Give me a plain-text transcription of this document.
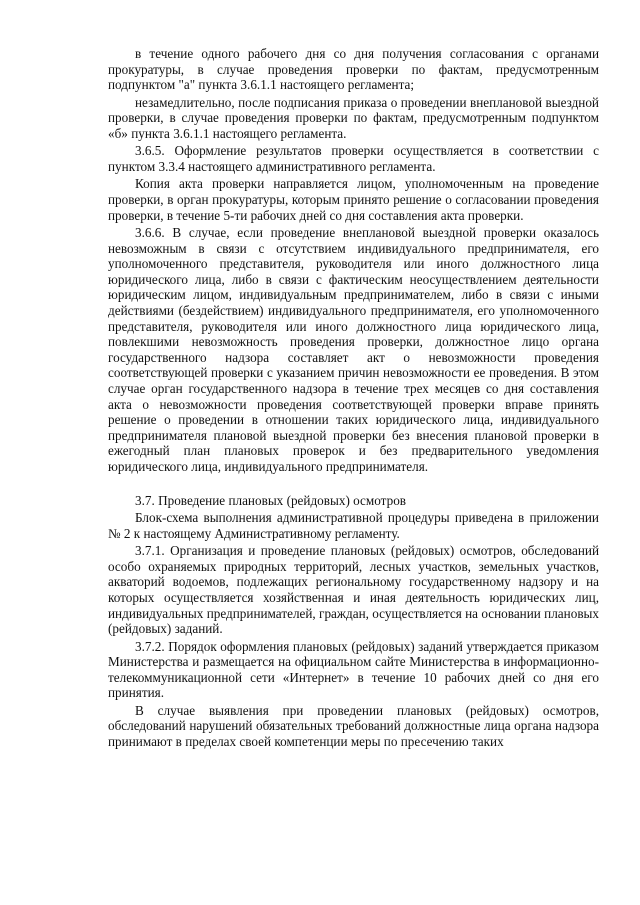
в течение одного рабочего дня со дня получения согласования с органами прокуратуры, в случае проведения проверки по фактам, предусмотренным подпунктом "а" пункта 3.6.1.1 настоящего регламента;

незамедлительно, после подписания приказа о проведении внеплановой выездной проверки, в случае проведения проверки по фактам, предусмотренным подпунктом «б» пункта 3.6.1.1 настоящего регламента.

3.6.5. Оформление результатов проверки осуществляется в соответствии с пунктом 3.3.4 настоящего административного регламента.

Копия акта проверки направляется лицом, уполномоченным на проведение проверки, в орган прокуратуры, которым принято решение о согласовании проведения проверки, в течение 5-ти рабочих дней со дня составления акта проверки.

3.6.6. В случае, если проведение внеплановой выездной проверки оказалось невозможным в связи с отсутствием индивидуального предпринимателя, его уполномоченного представителя, руководителя или иного должностного лица юридического лица, либо в связи с фактическим неосуществлением деятельности юридическим лицом, индивидуальным предпринимателем, либо в связи с иными действиями (бездействием) индивидуального предпринимателя, его уполномоченного представителя, руководителя или иного должностного лица юридического лица, повлекшими невозможность проведения проверки, должностное лицо органа государственного надзора составляет акт о невозможности проведения соответствующей проверки с указанием причин невозможности ее проведения. В этом случае орган государственного надзора в течение трех месяцев со дня составления акта о невозможности проведения соответствующей проверки вправе принять решение о проведении в отношении таких юридического лица, индивидуального предпринимателя плановой выездной проверки без внесения плановой проверки в ежегодный план плановых проверок и без предварительного уведомления юридического лица, индивидуального предпринимателя.

3.7. Проведение плановых (рейдовых) осмотров

Блок-схема выполнения административной процедуры приведена в приложении № 2 к настоящему Административному регламенту.

3.7.1. Организация и проведение плановых (рейдовых) осмотров, обследований особо охраняемых природных территорий, лесных участков, земельных участков, акваторий водоемов, подлежащих региональному государственному надзору и на которых осуществляется хозяйственная и иная деятельность юридических лиц, индивидуальных предпринимателей, граждан, осуществляется на основании плановых (рейдовых) заданий.

3.7.2. Порядок оформления плановых (рейдовых) заданий утверждается приказом Министерства и размещается на официальном сайте Министерства в информационно-телекоммуникационной сети «Интернет» в течение 10 рабочих дней со дня его принятия.

В случае выявления при проведении плановых (рейдовых) осмотров, обследований нарушений обязательных требований должностные лица органа надзора принимают в пределах своей компетенции меры по пресечению таких
